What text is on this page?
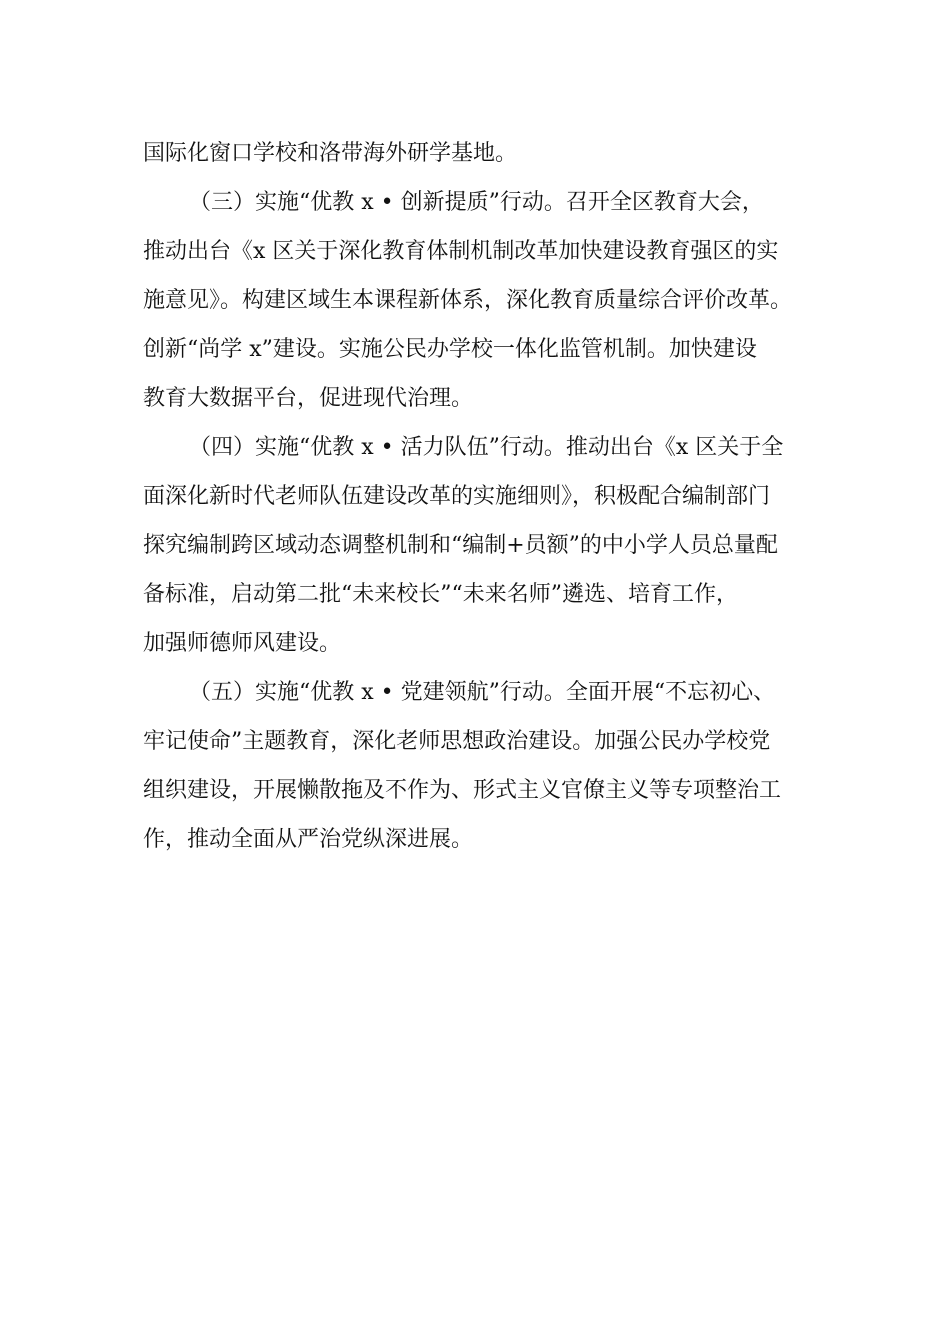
国际化窗口学校和洛带海外研学基地。
（三）实施“优教 x • 创新提质”行动。召开全区教育大会，
推动出台《x 区关于深化教育体制机制改革加快建设教育强区的实
施意见》。构建区域生本课程新体系，深化教育质量综合评价改革。
创新“尚学 x”建设。实施公民办学校一体化监管机制。加快建设
教育大数据平台，促进现代治理。
（四）实施“优教 x • 活力队伍”行动。推动出台《x 区关于全
面深化新时代老师队伍建设改革的实施细则》，积极配合编制部门
探究编制跨区域动态调整机制和“编制+员额”的中小学人员总量配
备标准，启动第二批“未来校长”“未来名师”遴选、培育工作，
加强师德师风建设。
（五）实施“优教 x • 党建领航”行动。全面开展“不忘初心、
牢记使命”主题教育，深化老师思想政治建设。加强公民办学校党
组织建设，开展懒散拖及不作为、形式主义官僚主义等专项整治工
作，推动全面从严治党纵深进展。
